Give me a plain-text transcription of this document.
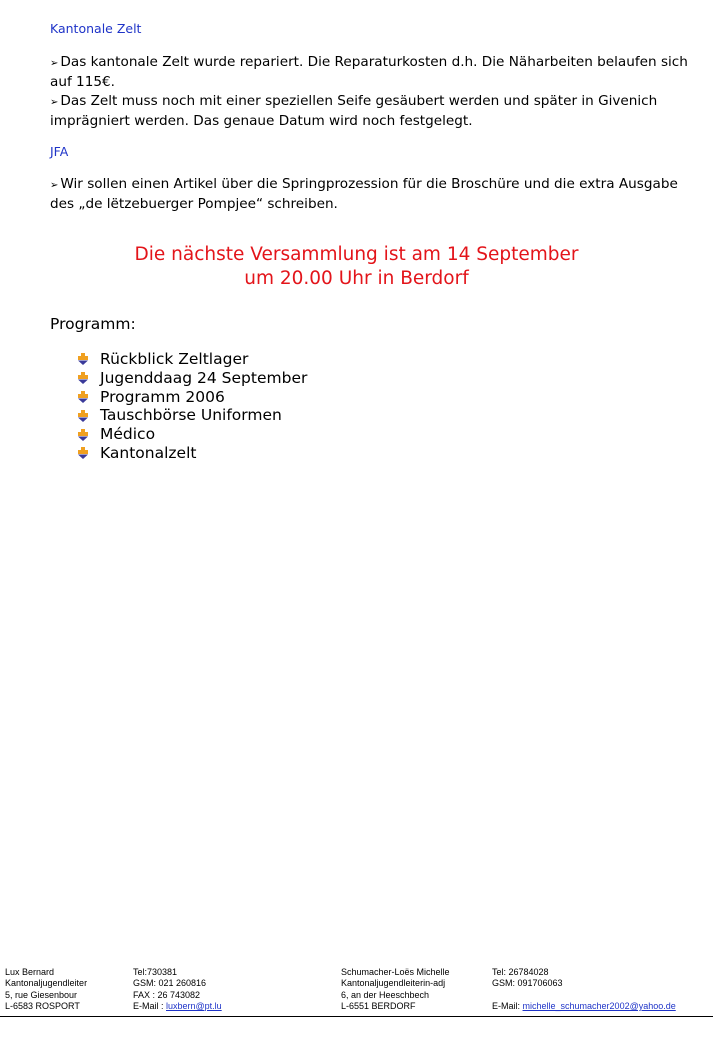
Kantonale Zelt

➢ Das kantonale Zelt wurde repariert. Die Reparaturkosten d.h. Die Näharbeiten belaufen sich

auf 115€.

➢ Das Zelt muss noch mit einer speziellen Seife gesäubert werden und später in Givenich

imprägniert werden. Das genaue Datum wird noch festgelegt.

JFA

➢ Wir sollen einen Artikel über die Springprozession für die Broschüre und die extra Ausgabe

des „de lëtzebuerger Pompjee“ schreiben.

Die nächste Versammlung ist am 14 September
um 20.00 Uhr in Berdorf
Programm:
Rückblick Zeltlager
Jugenddaag 24 September
Programm 2006
Tauschbörse Uniformen
Médico
Kantonalzelt
Lux Bernard
Kantonaljugendleiter
5, rue Giesenbour
L-6583 ROSPORT
Tel:730381
GSM: 021 260816
FAX : 26 743082
E-Mail : luxbern@pt.lu
Schumacher-Loës Michelle
Kantonaljugendleiterin-adj
6, an der Heeschbech
L-6551 BERDORF
Tel: 26784028
GSM: 091706063
E-Mail: michelle_schumacher2002@yahoo.de
